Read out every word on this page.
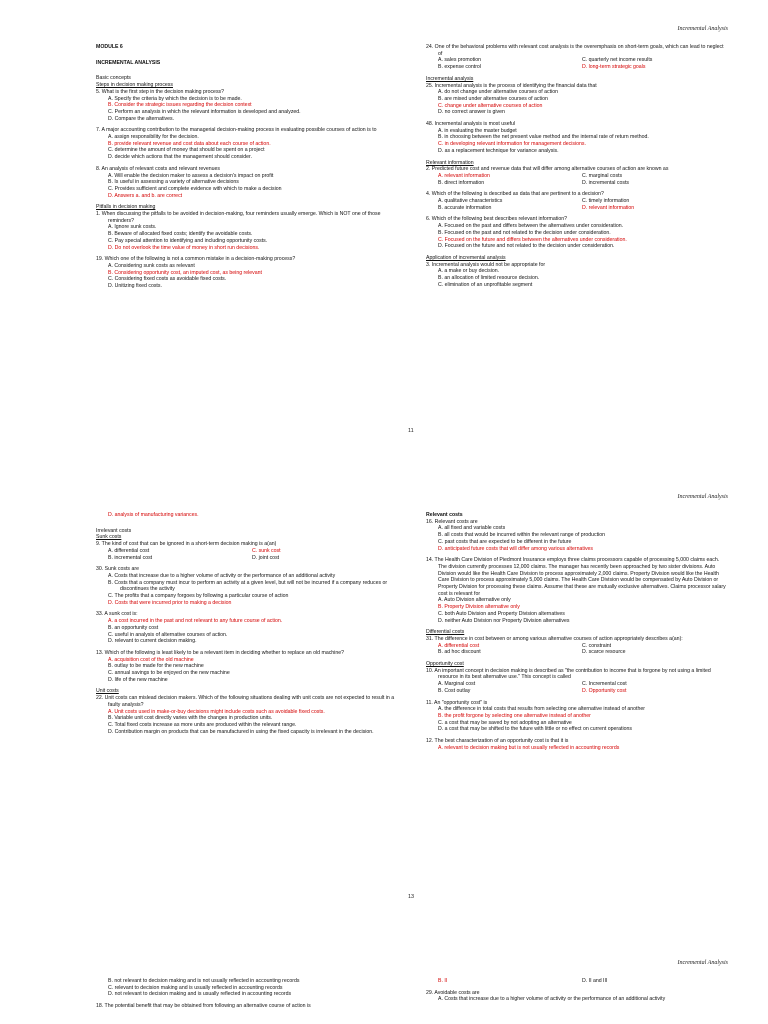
Incremental Analysis

MODULE 6

INCREMENTAL ANALYSIS

Basic concepts

Steps in decision making process

5. What is the first step in the decision making process?

A. Specify the criteria by which the decision is to be made.

B. Consider the strategic issues regarding the decision context

C. Perform an analysis in which the relevant information is developed and analyzed.

D. Compare the alternatives.

7. A major accounting contribution to the managerial decision-making process in evaluating possible courses of action is to

A. assign responsibility for the decision.

B. provide relevant revenue and cost data about each course of action.

C. determine the amount of money that should be spent on a project

D. decide which actions that the management should consider.

8. An analysis of relevant costs and relevant revenues

A. Will enable the decision maker to assess a decision's impact on profit

B. Is useful in assessing a variety of alternative decisions

C. Provides sufficient and complete evidence with which to make a decision

D. Answers a. and b. are correct

Pitfalls in decision making

1. When discussing the pitfalls to be avoided in decision-making, four reminders usually emerge. Which is NOT one of those reminders?

A. Ignore sunk costs.

B. Beware of allocated fixed costs; identify the avoidable costs.

C. Pay special attention to identifying and including opportunity costs.

D. Do not overlook the time value of money in short run decisions.

19. Which one of the following is not a common mistake in a decision-making process?

A. Considering sunk costs as relevant

B. Considering opportunity cost, an imputed cost, as being relevant

C. Considering fixed costs as avoidable fixed costs.

D. Unitizing fixed costs.

24. One of the behavioral problems with relevant cost analysis is the overemphasis on short-term goals, which can lead to neglect of

A. sales promotion	C. quarterly net income results
B. expense control	D. long-term strategic goals

Incremental analysis

25. Incremental analysis is the process of identifying the financial data that

A. do not change under alternative courses of action

B. are mixed under alternative courses of action

C. change under alternative courses of action

D. no correct answer is given

48. Incremental analysis is most useful

A. in evaluating the master budget

B. in choosing between the net present value method and the internal rate of return method.

C. in developing relevant information for management decisions.

D. as a replacement technique for variance analysis.

Relevant information

2. Predicted future cost and revenue data that will differ among alternative courses of action are known as

A. relevant information	C. marginal costs
B. direct information	D. incremental costs

4. Which of the following is described as data that are pertinent to a decision?

A. qualitative characteristics	C. timely information
B. accurate information	D. relevant information

6. Which of the following best describes relevant information?

A. Focused on the past and differs between the alternatives under consideration.

B. Focused on the past and not related to the decision under consideration.

C. Focused on the future and differs between the alternatives under consideration.

D. Focused on the future and not related to the decision under consideration.

Application of incremental analysis

3. Incremental analysis would not be appropriate for

A. a make or buy decision.

B. an allocation of limited resource decision.

C. elimination of an unprofitable segment

11
Incremental Analysis

D. analysis of manufacturing variances.

Irrelevant costs

Sunk costs

9. The kind of cost that can be ignored in a short-term decision making is a(an)

A. differential cost	C. sunk cost
B. incremental cost	D. joint cost

30. Sunk costs are

A. Costs that increase due to a higher volume of activity or the performance of an additional activity

B. Costs that a company must incur to perform an activity at a given level, but will not be incurred if a company reduces or discontinues the activity

C. The profits that a company forgoes by following a particular course of action

D. Costs that were incurred prior to making a decision

33. A sunk cost is:

A. a cost incurred in the past and not relevant to any future course of action.

B. an opportunity cost

C. useful in analysis of alternative courses of action.

D. relevant to current decision making.

13. Which of the following is least likely to be a relevant item in deciding whether to replace an old machine?

A. acquisition cost of the old machine

B. outlay to be made for the new machine

C. annual savings to be enjoyed on the new machine

D. life of the new machine

Unit costs

22. Unit costs can mislead decision makers. Which of the following situations dealing with unit costs are not expected to result in a faulty analysis?

A. Unit costs used in make-or-buy decisions might include costs such as avoidable fixed costs.

B. Variable unit cost directly varies with the changes in production units.

C. Total fixed costs increase as more units are produced within the relevant range.

D. Contribution margin on products that can be manufactured in using the fixed capacity is irrelevant in the decision.

Relevant costs

16. Relevant costs are

A. all fixed and variable costs

B. all costs that would be incurred within the relevant range of production

C. past costs that are expected to be different in the future

D. anticipated future costs that will differ among various alternatives

14. The Health Care Division of Piedmont Insurance employs three claims processors capable of processing 5,000 claims each. The division currently processes 12,000 claims. The manager has recently been approached by two sister divisions. Auto Division would like the Health Care Division to process approximately 2,000 claims. Property Division would like the Health Care Division to process approximately 5,000 claims. The Health Care Division would be compensated by Auto Division or Property Division for processing these claims. Assume that these are mutually exclusive alternatives. Claims processor salary cost is relevant for

A. Auto Division alternative only

B. Property Division alternative only

C. both Auto Division and Property Division alternatives

D. neither Auto Division nor Property Division alternatives

Differential costs

31. The difference in cost between or among various alternative courses of action appropriately describes a(an):

A. differential cost	C. constraint
B. ad hoc discount	D. scarce resource

Opportunity cost

10. An important concept in decision making is described as "the contribution to income that is forgone by not using a limited resource in its best alternative use." This concept is called

A. Marginal cost	C. Incremental cost
B. Cost outlay	D. Opportunity cost

11. An "opportunity cost" is

A. the difference in total costs that results from selecting one alternative instead of another

B. the profit forgone by selecting one alternative instead of another

C. a cost that may be saved by not adopting an alternative

D. a cost that may be shifted to the future with little or no effect on current operations

12. The best characterization of an opportunity cost is that it is

A. relevant to decision making but is not usually reflected in accounting records

13
Incremental Analysis

B. not relevant to decision making and is not usually reflected in accounting records

C. relevant to decision making and is usually reflected in accounting records

D. not relevant to decision making and is usually reflected in accounting records

18. The potential benefit that may be obtained from following an alternative course of action is

B. II	D. II and III

29. Avoidable costs are

A. Costs that increase due to a higher volume of activity or the performance of an additional activity
